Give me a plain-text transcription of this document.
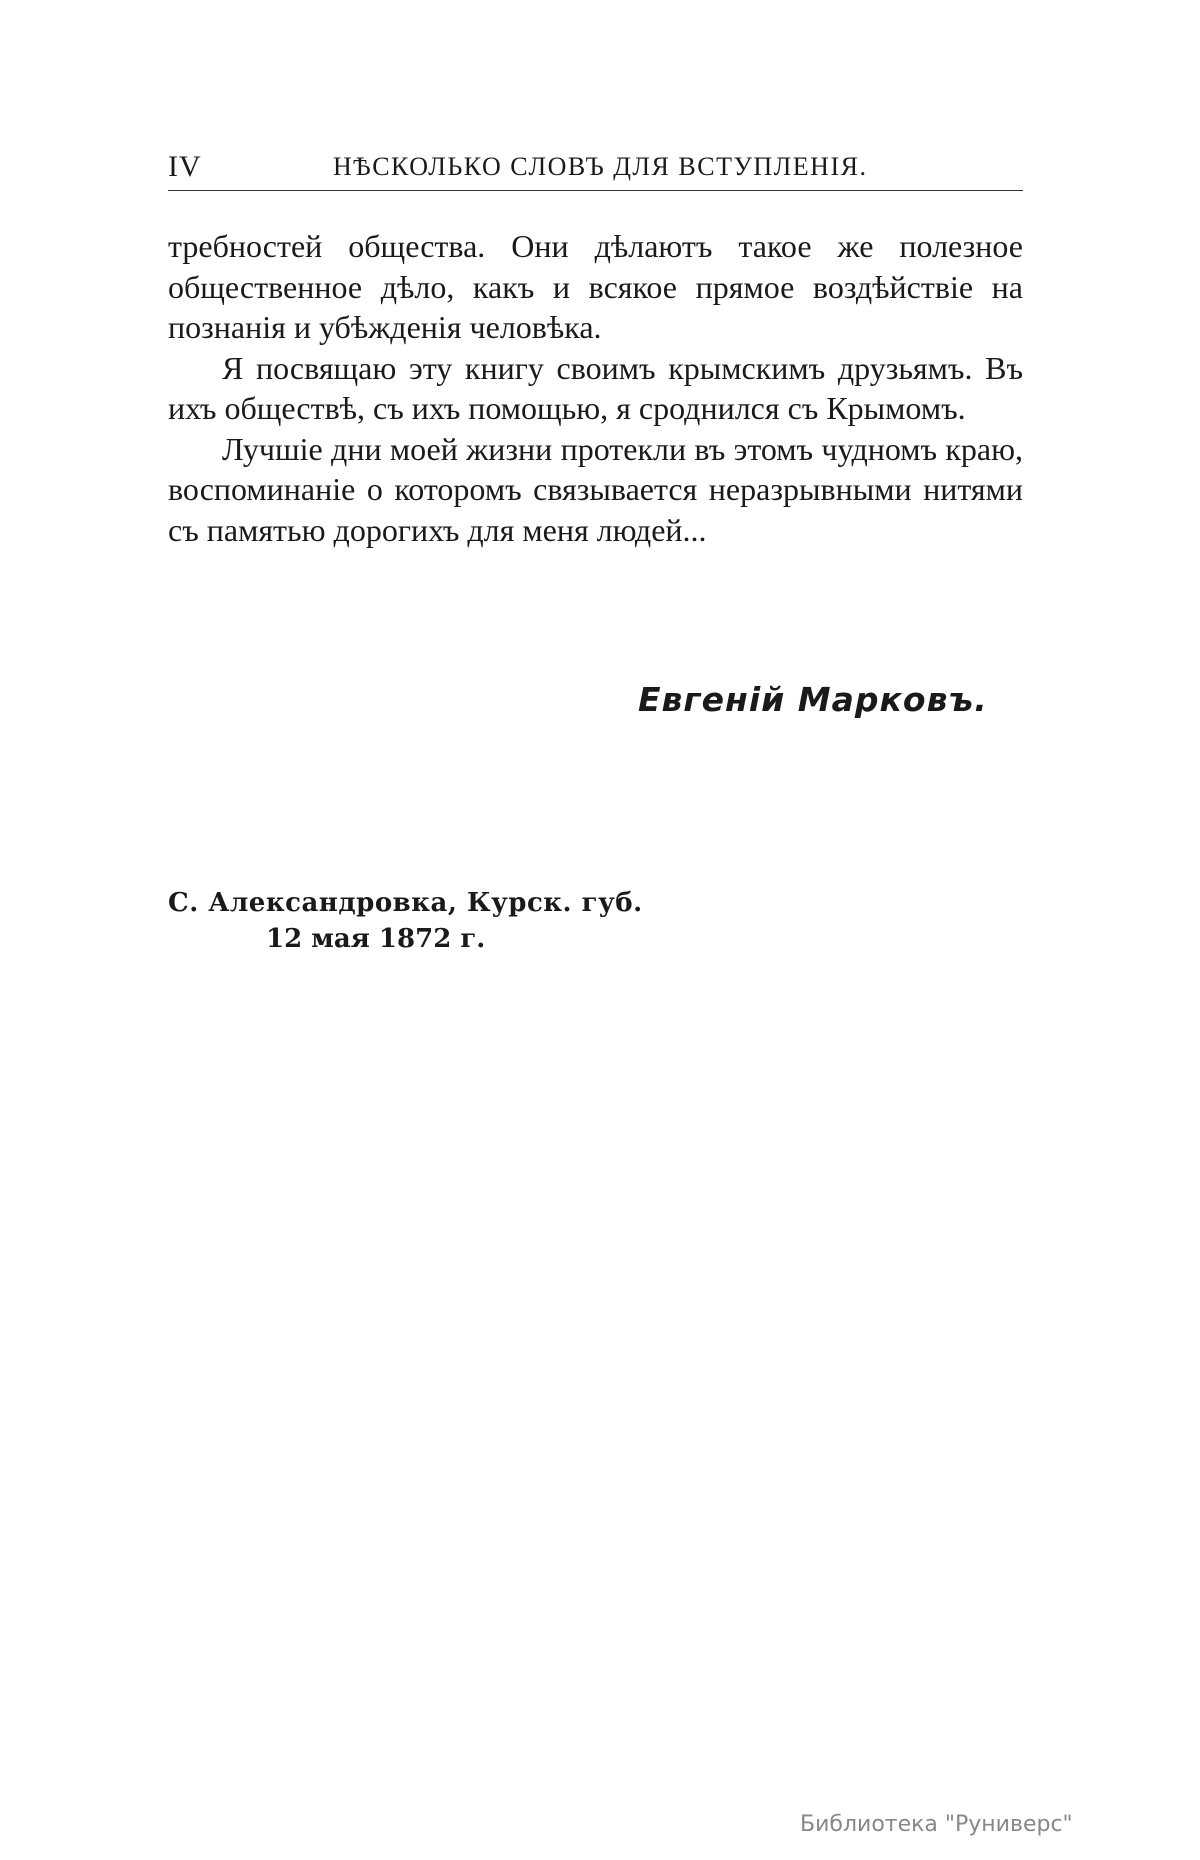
IV	НѢСКОЛЬКО СЛОВЪ ДЛЯ ВСТУПЛЕНІЯ.

требностей общества. Они дѣлаютъ такое же полезное общественное дѣло, какъ и всякое прямое воздѣйствіе на познанія и убѣжденія человѣка.

Я посвящаю эту книгу своимъ крымскимъ друзьямъ. Въ ихъ обществѣ, съ ихъ помощью, я сроднился съ Крымомъ.

Лучшіе дни моей жизни протекли въ этомъ чудномъ краю, воспоминаніе о которомъ связывается неразрывными нитями съ памятью дорогихъ для меня людей...

Евгеній Марковъ.
С. Александровка, Курск. губ.
12 мая 1872 г.
Библиотека "Руниверс"
